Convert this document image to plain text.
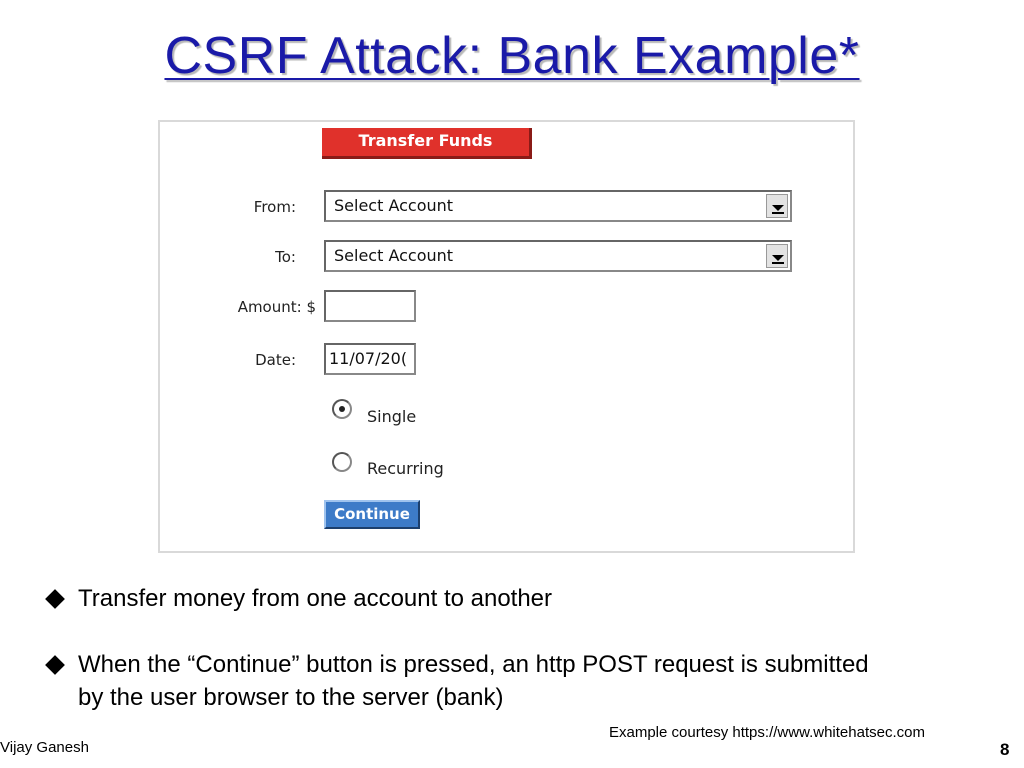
CSRF Attack: Bank Example*
Transfer Funds
From:	Select Account
To:	Select Account
Amount: $
Date:	11/07/20(
Single
Recurring
Continue
Transfer money from one account to another
When the “Continue” button is pressed, an http POST request is submitted by the user browser to the server (bank)
Example courtesy https://www.whitehatsec.com
Vijay Ganesh	8
